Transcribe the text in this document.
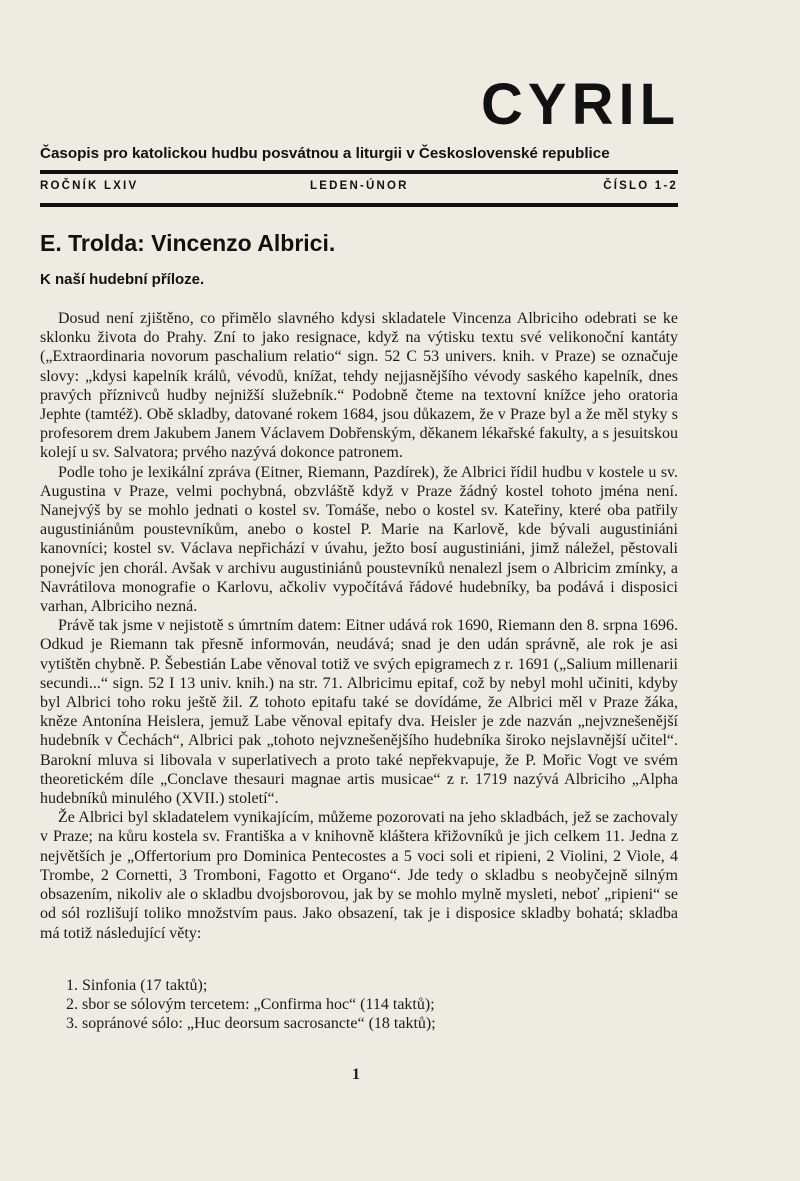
CYRIL
Časopis pro katolickou hudbu posvátnou a liturgii v Československé republice
ROČNÍK LXIV	LEDEN-ÚNOR	ČÍSLO 1-2
E. Trolda: Vincenzo Albrici.
K naší hudební příloze.

Dosud není zjištěno, co přimělo slavného kdysi skladatele Vincenza Albriciho odebrati se ke sklonku života do Prahy. Zní to jako resignace, když na výtisku textu své velikonoční kantáty („Extraordinaria novorum paschalium relatio“ sign. 52 C 53 univers. knih. v Praze) se označuje slovy: „kdysi kapelník králů, vévodů, knížat, tehdy nejjasnějšího vévody saského kapelník, dnes pravých příznivců hudby nejnižší služebník.“ Podobně čteme na textovní knížce jeho oratoria Jephte (tamtéž). Obě skladby, datované rokem 1684, jsou důkazem, že v Praze byl a že měl styky s profesorem drem Jakubem Janem Václavem Dobřenským, děkanem lékařské fakulty, a s jesuitskou kolejí u sv. Salvatora; prvého nazývá dokonce patronem.

Podle toho je lexikální zpráva (Eitner, Riemann, Pazdírek), že Albrici řídil hudbu v kostele u sv. Augustina v Praze, velmi pochybná, obzvláště když v Praze žádný kostel tohoto jména není. Nanejvýš by se mohlo jednati o kostel sv. Tomáše, nebo o kostel sv. Kateřiny, které oba patřily augustiniánům poustevníkům, anebo o kostel P. Marie na Karlově, kde bývali augustiniáni kanovníci; kostel sv. Václava nepřichází v úvahu, ježto bosí augustiniáni, jimž náležel, pěstovali ponejvíc jen chorál. Avšak v archivu augustiniánů poustevníků nenalezl jsem o Albricim zmínky, a Navrátilova monografie o Karlovu, ačkoliv vypočítává řádové hudebníky, ba podává i disposici varhan, Albriciho nezná.

Právě tak jsme v nejistotě s úmrtním datem: Eitner udává rok 1690, Riemann den 8. srpna 1696. Odkud je Riemann tak přesně informován, neudává; snad je den udán správně, ale rok je asi vytištěn chybně. P. Šebestián Labe věnoval totiž ve svých epigramech z r. 1691 („Salium millenarii secundi...“ sign. 52 I 13 univ. knih.) na str. 71. Albricimu epitaf, což by nebyl mohl učiniti, kdyby byl Albrici toho roku ještě žil. Z tohoto epitafu také se dovídáme, že Albrici měl v Praze žáka, kněze Antonína Heislera, jemuž Labe věnoval epitafy dva. Heisler je zde nazván „nejvznešenější hudebník v Čechách“, Albrici pak „tohoto nejvznešenějšího hudebníka široko nejslavnější učitel“. Barokní mluva si libovala v superlativech a proto také nepřekvapuje, že P. Mořic Vogt ve svém theoretickém díle „Conclave thesauri magnae artis musicae“ z r. 1719 nazývá Albriciho „Alpha hudebníků minulého (XVII.) století“.

Že Albrici byl skladatelem vynikajícím, můžeme pozorovati na jeho skladbách, jež se zachovaly v Praze; na kůru kostela sv. Františka a v knihovně kláštera křižovníků je jich celkem 11. Jedna z největších je „Offertorium pro Dominica Pentecostes a 5 voci soli et ripieni, 2 Violini, 2 Viole, 4 Trombe, 2 Cornetti, 3 Tromboni, Fagotto et Organo“. Jde tedy o skladbu s neobyčejně silným obsazením, nikoliv ale o skladbu dvojsborovou, jak by se mohlo mylně mysleti, neboť „ripieni“ se od sól rozlišují toliko množstvím paus. Jako obsazení, tak je i disposice skladby bohatá; skladba má totiž následující věty:

1. Sinfonia (17 taktů);
2. sbor se sólovým tercetem: „Confirma hoc“ (114 taktů);
3. sopránové sólo: „Huc deorsum sacrosancte“ (18 taktů);
1
